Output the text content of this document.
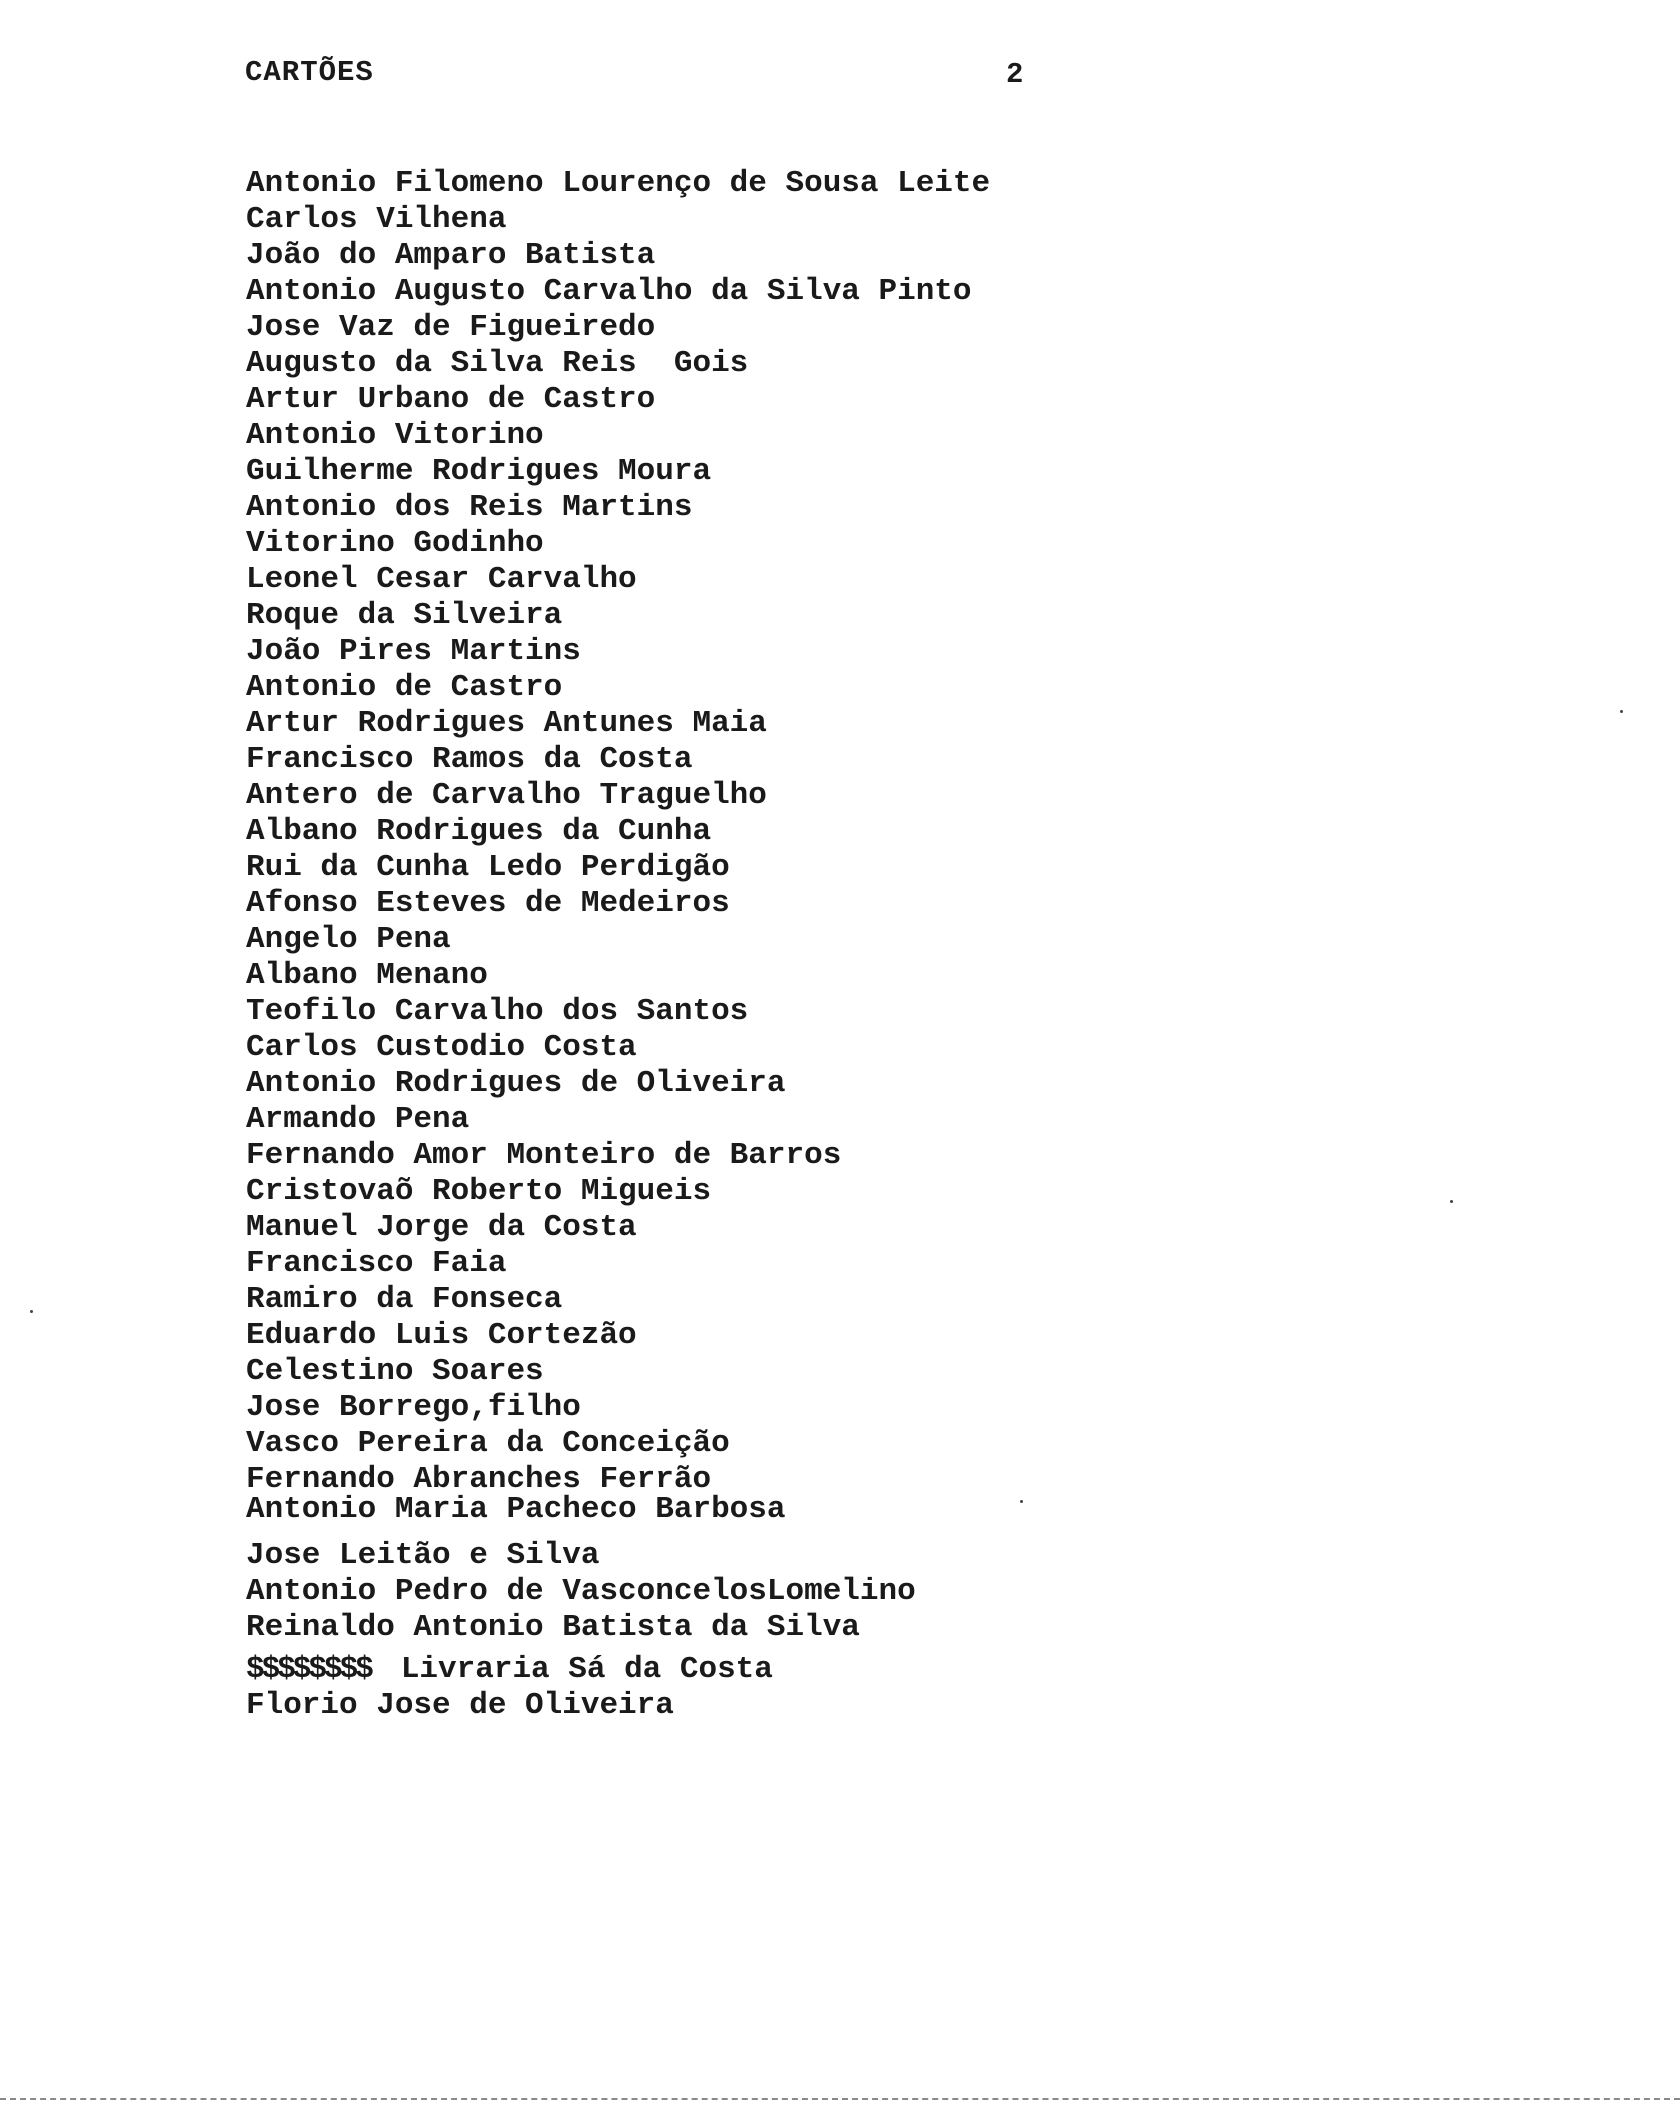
CARTÕES	2
Antonio Filomeno Lourenço de Sousa Leite
Carlos Vilhena
João do Amparo Batista
Antonio Augusto Carvalho da Silva Pinto
Jose Vaz de Figueiredo
Augusto da Silva Reis  Gois
Artur Urbano de Castro
Antonio Vitorino
Guilherme Rodrigues Moura
Antonio dos Reis Martins
Vitorino Godinho
Leonel Cesar Carvalho
Roque da Silveira
João Pires Martins
Antonio de Castro
Artur Rodrigues Antunes Maia
Francisco Ramos da Costa
Antero de Carvalho Traguelho
Albano Rodrigues da Cunha
Rui da Cunha Ledo Perdigão
Afonso Esteves de Medeiros
Angelo Pena
Albano Menano
Teofilo Carvalho dos Santos
Carlos Custodio Costa
Antonio Rodrigues de Oliveira
Armando Pena
Fernando Amor Monteiro de Barros
Cristovaõ Roberto Migueis
Manuel Jorge da Costa
Francisco Faia
Ramiro da Fonseca
Eduardo Luis Cortezão
Celestino Soares
Jose Borrego,filho
Vasco Pereira da Conceição
Fernando Abranches Ferrão
Antonio Maria Pacheco Barbosa
Jose Leitão e Silva
Antonio Pedro de VasconcelosLomelino
Reinaldo Antonio Batista da Silva
$$$$$$$$ Livraria Sá da Costa
Florio Jose de Oliveira
